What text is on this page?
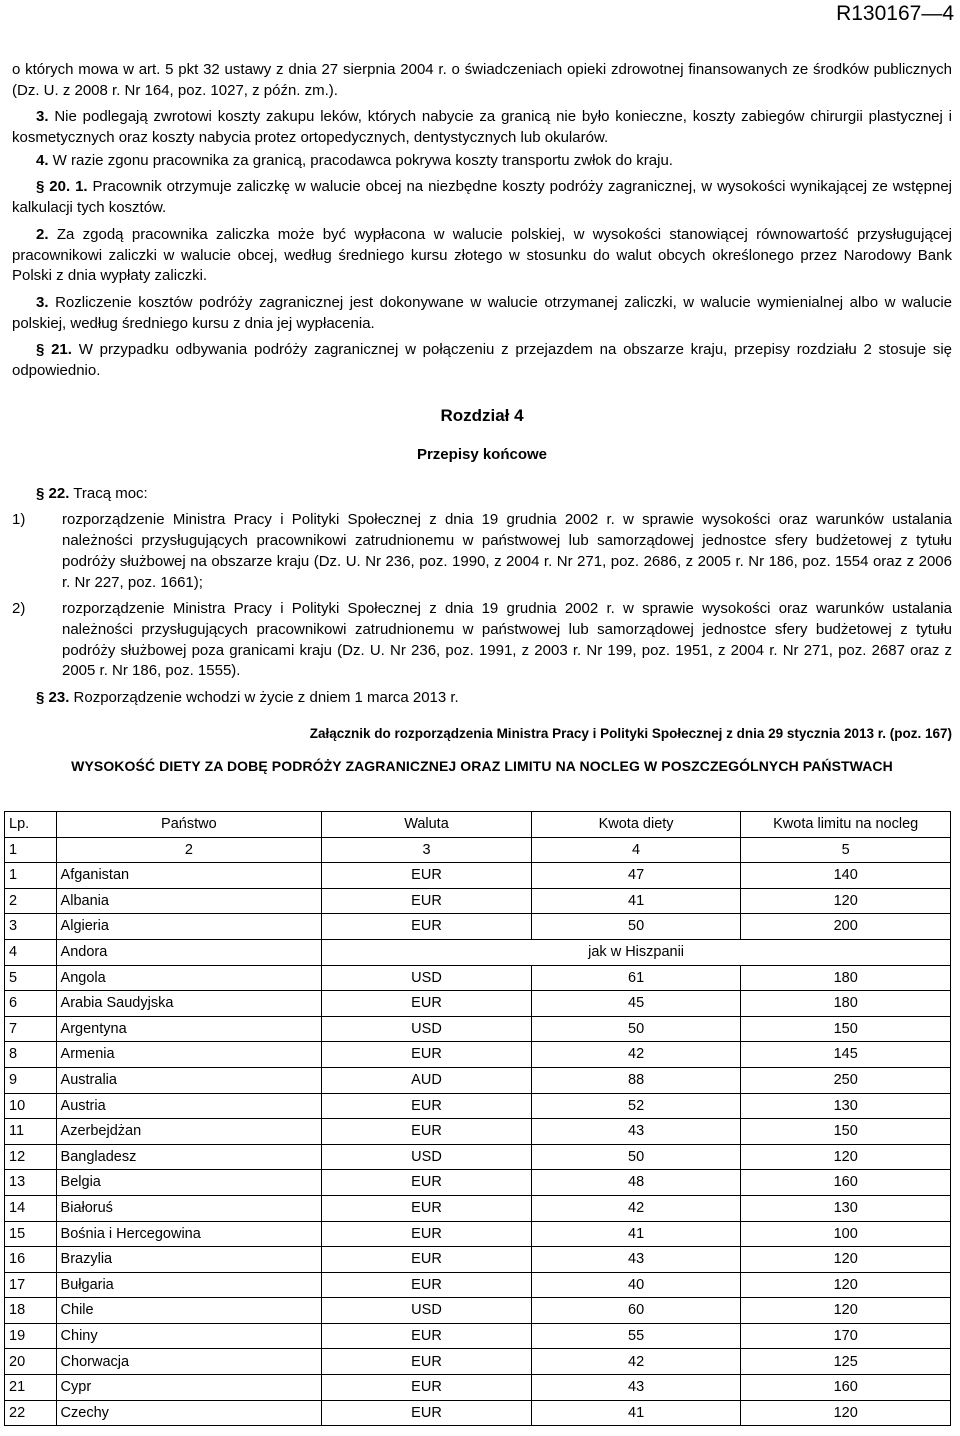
R130167—4

o których mowa w art. 5 pkt 32 ustawy z dnia 27 sierpnia 2004 r. o świadczeniach opieki zdrowotnej finansowanych ze środków publicznych (Dz. U. z 2008 r. Nr 164, poz. 1027, z późn. zm.).

3. Nie podlegają zwrotowi koszty zakupu leków, których nabycie za granicą nie było konieczne, koszty zabiegów chirurgii plastycznej i kosmetycznych oraz koszty nabycia protez ortopedycznych, dentystycznych lub okularów.

4. W razie zgonu pracownika za granicą, pracodawca pokrywa koszty transportu zwłok do kraju.

§ 20. 1. Pracownik otrzymuje zaliczkę w walucie obcej na niezbędne koszty podróży zagranicznej, w wysokości wynikającej ze wstępnej kalkulacji tych kosztów.

2. Za zgodą pracownika zaliczka może być wypłacona w walucie polskiej, w wysokości stanowiącej równowartość przysługującej pracownikowi zaliczki w walucie obcej, według średniego kursu złotego w stosunku do walut obcych określonego przez Narodowy Bank Polski z dnia wypłaty zaliczki.

3. Rozliczenie kosztów podróży zagranicznej jest dokonywane w walucie otrzymanej zaliczki, w walucie wymienialnej albo w walucie polskiej, według średniego kursu z dnia jej wypłacenia.

§ 21. W przypadku odbywania podróży zagranicznej w połączeniu z przejazdem na obszarze kraju, przepisy rozdziału 2 stosuje się odpowiednio.

Rozdział 4
Przepisy końcowe

§ 22. Tracą moc:

1) rozporządzenie Ministra Pracy i Polityki Społecznej z dnia 19 grudnia 2002 r. w sprawie wysokości oraz warunków ustalania należności przysługujących pracownikowi zatrudnionemu w państwowej lub samorządowej jednostce sfery budżetowej z tytułu podróży służbowej na obszarze kraju (Dz. U. Nr 236, poz. 1990, z 2004 r. Nr 271, poz. 2686, z 2005 r. Nr 186, poz. 1554 oraz z 2006 r. Nr 227, poz. 1661);
2) rozporządzenie Ministra Pracy i Polityki Społecznej z dnia 19 grudnia 2002 r. w sprawie wysokości oraz warunków ustalania należności przysługujących pracownikowi zatrudnionemu w państwowej lub samorządowej jednostce sfery budżetowej z tytułu podróży służbowej poza granicami kraju (Dz. U. Nr 236, poz. 1991, z 2003 r. Nr 199, poz. 1951, z 2004 r. Nr 271, poz. 2687 oraz z 2005 r. Nr 186, poz. 1555).

§ 23. Rozporządzenie wchodzi w życie z dniem 1 marca 2013 r.

Załącznik do rozporządzenia Ministra Pracy i Polityki Społecznej z dnia 29 stycznia 2013 r. (poz. 167)
WYSOKOŚĆ DIETY ZA DOBĘ PODRÓŻY ZAGRANICZNEJ ORAZ LIMITU NA NOCLEG W POSZCZEGÓLNYCH PAŃSTWACH
Lp.	Państwo	Waluta	Kwota diety	Kwota limitu na nocleg
1	2	3	4	5
1	Afganistan	EUR	47	140
2	Albania	EUR	41	120
3	Algieria	EUR	50	200
4	Andora	jak w Hiszpanii		
5	Angola	USD	61	180
6	Arabia Saudyjska	EUR	45	180
7	Argentyna	USD	50	150
8	Armenia	EUR	42	145
9	Australia	AUD	88	250
10	Austria	EUR	52	130
11	Azerbejdżan	EUR	43	150
12	Bangladesz	USD	50	120
13	Belgia	EUR	48	160
14	Białoruś	EUR	42	130
15	Bośnia i Hercegowina	EUR	41	100
16	Brazylia	EUR	43	120
17	Bułgaria	EUR	40	120
18	Chile	USD	60	120
19	Chiny	EUR	55	170
20	Chorwacja	EUR	42	125
21	Cypr	EUR	43	160
22	Czechy	EUR	41	120
